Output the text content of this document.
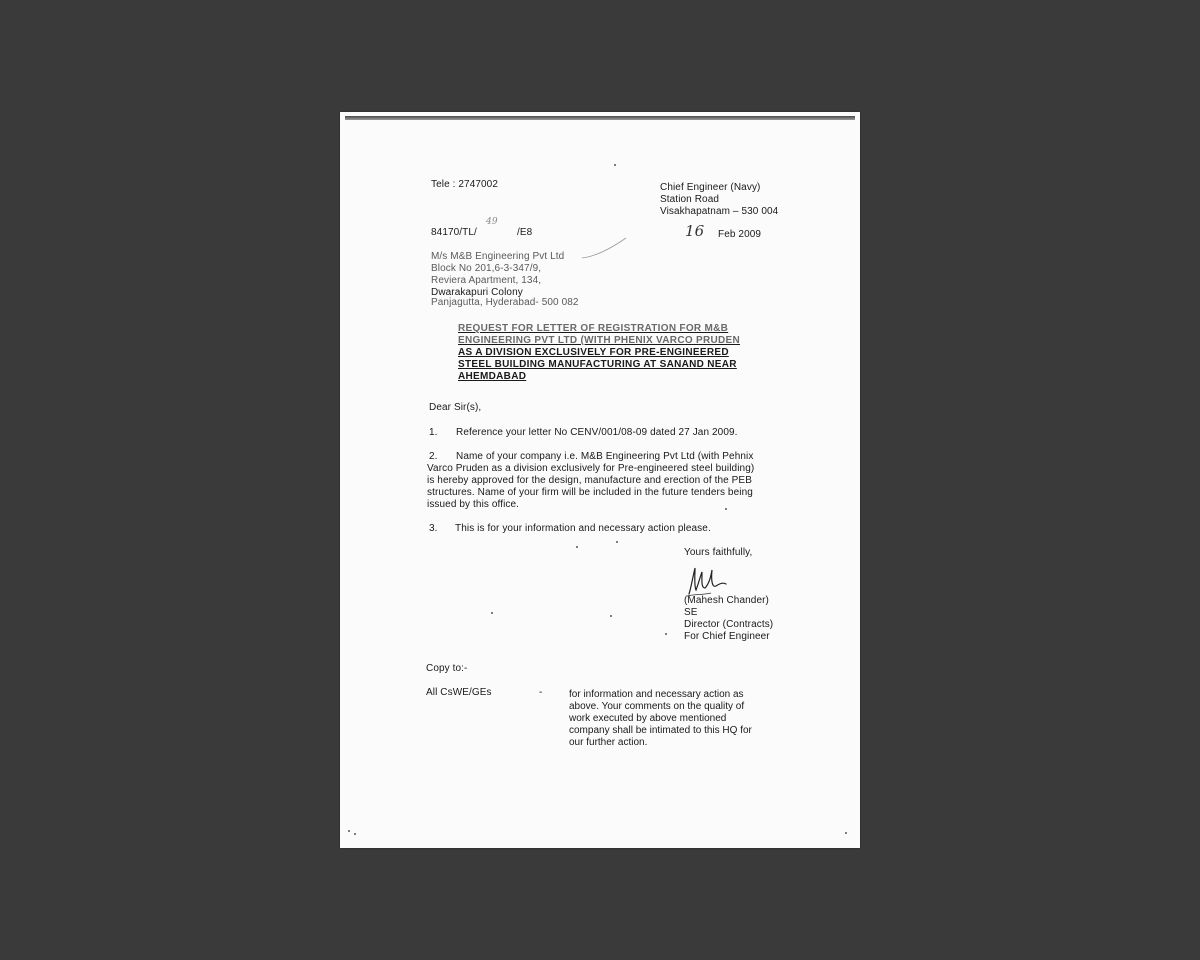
Tele : 2747002	Chief Engineer (Navy)
Station Road
Visakhapatnam – 530 004
84170/TL/
49
/E8	16 Feb 2009
M/s M&B Engineering Pvt Ltd
Block No 201,6-3-347/9,
Reviera Apartment, 134,
Dwarakapuri Colony
Panjagutta, Hyderabad- 500 082
REQUEST FOR LETTER OF REGISTRATION FOR M&B
ENGINEERING PVT LTD (WITH PHENIX VARCO PRUDEN
AS A DIVISION EXCLUSIVELY FOR PRE-ENGINEERED
STEEL BUILDING MANUFACTURING AT SANAND NEAR
AHEMDABAD
Dear Sir(s),
1. Reference your letter No CENV/001/08-09 dated 27 Jan 2009.
2. Name of your company i.e. M&B Engineering Pvt Ltd (with Pehnix
Varco Pruden as a division exclusively for Pre-engineered steel building)
is hereby approved for the design, manufacture and erection of the PEB
structures. Name of your firm will be included in the future tenders being
issued by this office.
3. This is for your information and necessary action please.
Yours faithfully,
(Mahesh Chander)
SE
Director (Contracts)
For Chief Engineer
Copy to:-
All CsWE/GEs	-	for information and necessary action as
above. Your comments on the quality of
work executed by above mentioned
company shall be intimated to this HQ for
our further action.
